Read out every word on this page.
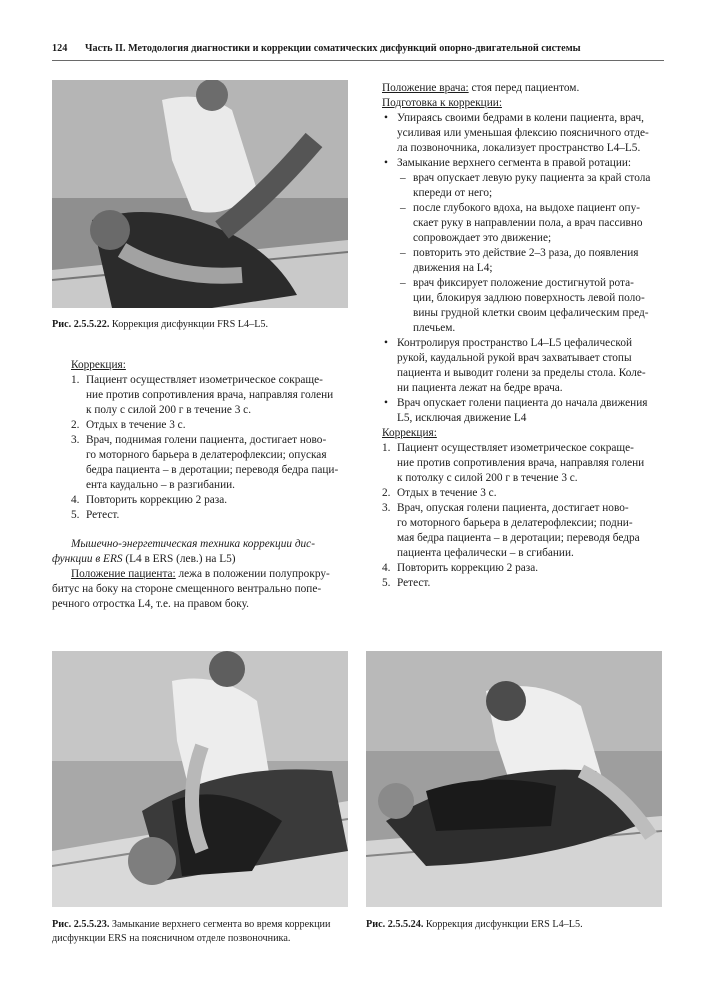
124 Часть II. Методология диагностики и коррекции соматических дисфункций опорно-двигательной системы
Рис. 2.5.5.22. Коррекция дисфункции FRS L4–L5.
Коррекция:
1. Пациент осуществляет изометрическое сокраще-
ние против сопротивления врача, направляя голени
к полу с силой 200 г в течение 3 с.
2. Отдых в течение 3 с.
3. Врач, поднимая голени пациента, достигает ново-
го моторного барьера в делатерофлексии; опуская
бедра пациента – в деротации; переводя бедра паци-
ента каудально – в разгибании.
4. Повторить коррекцию 2 раза.
5. Ретест.
Мышечно-энергетическая техника коррекции дис-
функции в ERS (L4 в ERS (лев.) на L5)
Положение пациента: лежа в положении полупрокру-
битус на боку на стороне смещенного вентрально попе-
речного отростка L4, т.е. на правом боку.
Положение врача: стоя перед пациентом.
Подготовка к коррекции:
• Упираясь своими бедрами в колени пациента, врач,
усиливая или уменьшая флексию поясничного отде-
ла позвоночника, локализует пространство L4–L5.
• Замыкание верхнего сегмента в правой ротации:
– врач опускает левую руку пациента за край стола
кпереди от него;
– после глубокого вдоха, на выдохе пациент опу-
скает руку в направлении пола, а врач пассивно
сопровождает это движение;
– повторить это действие 2–3 раза, до появления
движения на L4;
– врач фиксирует положение достигнутой рота-
ции, блокируя задлюю поверхность левой поло-
вины грудной клетки своим цефалическим пред-
плечьем.
• Контролируя пространство L4–L5 цефалической
рукой, каудальной рукой врач захватывает стопы
пациента и выводит голени за пределы стола. Коле-
ни пациента лежат на бедре врача.
• Врач опускает голени пациента до начала движения
L5, исключая движение L4
Коррекция:
1. Пациент осуществляет изометрическое сокраще-
ние против сопротивления врача, направляя голени
к потолку с силой 200 г в течение 3 с.
2. Отдых в течение 3 с.
3. Врач, опуская голени пациента, достигает ново-
го моторного барьера в делатерофлексии; подни-
мая бедра пациента – в деротации; переводя бедра
пациента цефалически – в сгибании.
4. Повторить коррекцию 2 раза.
5. Ретест.
Рис. 2.5.5.23. Замыкание верхнего сегмента во время коррекции
дисфункции ERS на поясничном отделе позвоночника.
Рис. 2.5.5.24. Коррекция дисфункции ERS L4–L5.
